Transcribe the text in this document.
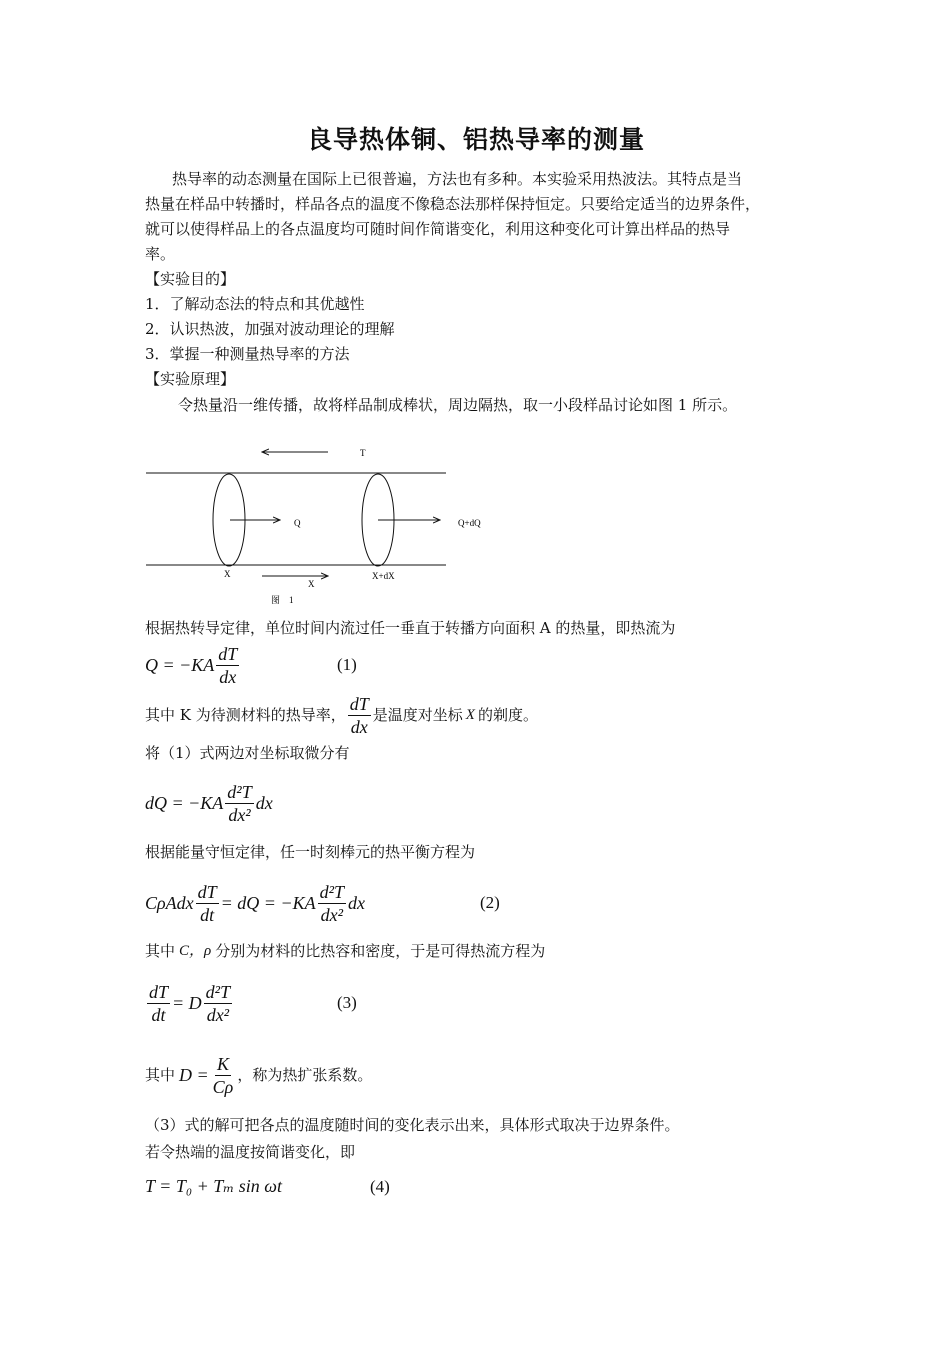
良导热体铜、铝热导率的测量
热导率的动态测量在国际上已很普遍，方法也有多种。本实验采用热波法。其特点是当
热量在样品中转播时，样品各点的温度不像稳态法那样保持恒定。只要给定适当的边界条件，
就可以使得样品上的各点温度均可随时间作简谐变化，利用这种变化可计算出样品的热导
率。
【实验目的】
1．了解动态法的特点和其优越性
2．认识热波，加强对波动理论的理解
3．掌握一种测量热导率的方法
【实验原理】
令热量沿一维传播，故将样品制成棒状，周边隔热，取一小段样品讨论如图 1 所示。
T
Q	Q+dQ
X
X
X+dX
图　1
根据热转导定律，单位时间内流过任一垂直于转播方向面积 A 的热量，即热流为
$Q = -KA \frac{dT}{dx}$	(1)
其中 K 为待测材料的热导率， $\frac{dT}{dx}$ 是温度对坐标 X 的剃度。
将（1）式两边对坐标取微分有
dQ = $-KA \frac{\text{d²T}}{\text{dx²}}$ dx
根据能量守恒定律，任一时刻棒元的热平衡方程为
CρAdx $\frac{dT}{dt}$ = dQ = $-KA \frac{\text{d²T}}{\text{dx²}}$ dx	(2)
其中 C，ρ 分别为材料的比热容和密度，于是可得热流方程为
$\frac{dT}{dt} = D \frac{\text{d²T}}{\text{dx²}}$	(3)
其中 $D = \frac{K}{C\rho}$ ，称为热扩张系数。
（3）式的解可把各点的温度随时间的变化表示出来，具体形式取决于边界条件。
若令热端的温度按简谐变化，即
T = T₀ + Tₘ sin ωt	(4)
